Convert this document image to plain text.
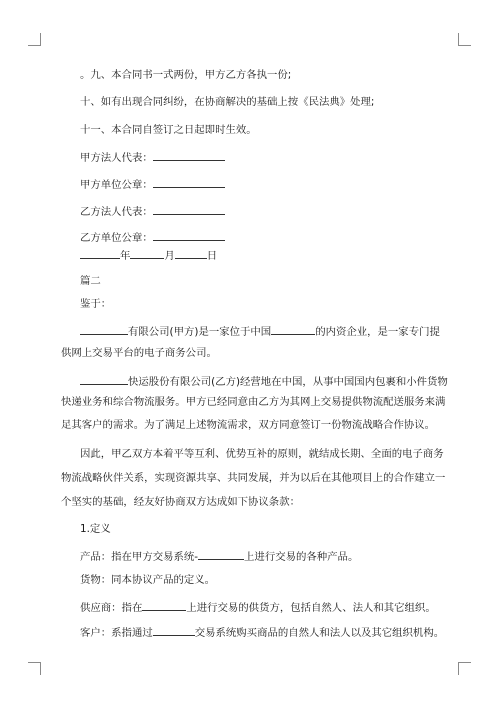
。九、本合同书一式两份，甲方乙方各执一份;
十、如有出现合同纠纷，在协商解决的基础上按《民法典》处理;
十一、本合同自签订之日起即时生效。
甲方法人代表：
甲方单位公章：
乙方法人代表：
乙方单位公章：
年	月	日
篇二
鉴于：
有限公司(甲方)是一家位于中国	的内资企业，是一家专门提
供网上交易平台的电子商务公司。
快运股份有限公司(乙方)经营地在中国，从事中国国内包裹和小件货物
快递业务和综合物流服务。甲方已经同意由乙方为其网上交易提供物流配送服务来满
足其客户的需求。为了满足上述物流需求，双方同意签订一份物流战略合作协议。
因此，甲乙双方本着平等互利、优势互补的原则，就结成长期、全面的电子商务
物流战略伙伴关系，实现资源共享、共同发展，并为以后在其他项目上的合作建立一
个坚实的基础，经友好协商双方达成如下协议条款：
1.定义
产品：指在甲方交易系统-	上进行交易的各种产品。
货物：同本协议产品的定义。
供应商：指在	上进行交易的供货方，包括自然人、法人和其它组织。
客户：系指通过	交易系统购买商品的自然人和法人以及其它组织机构。
